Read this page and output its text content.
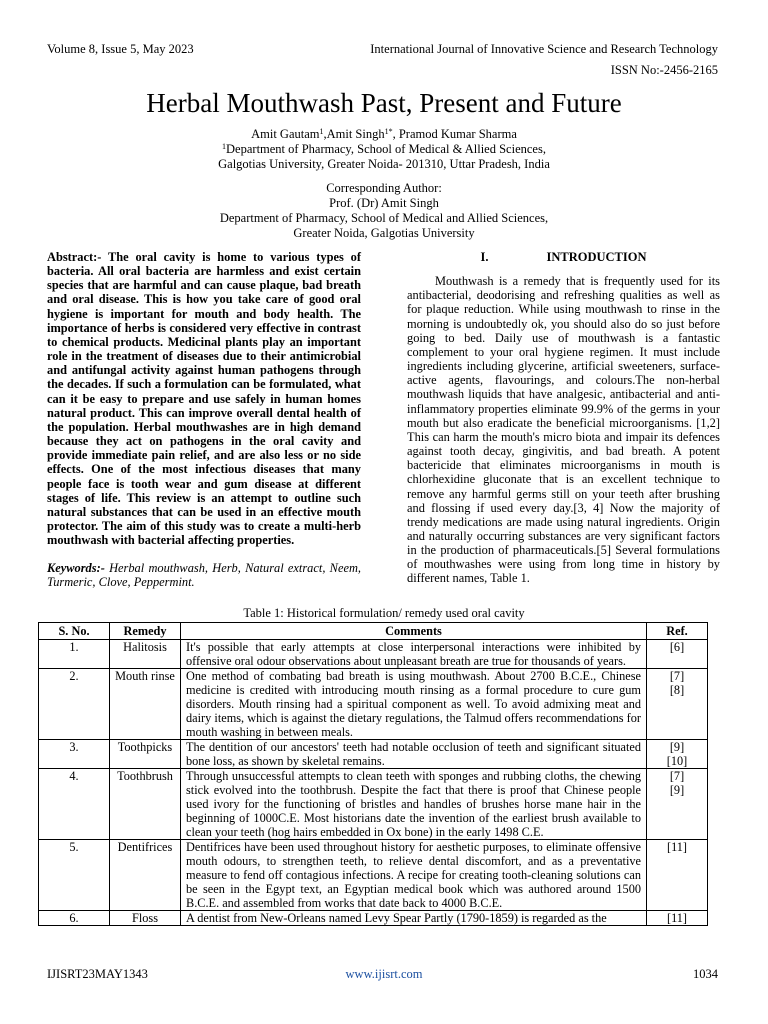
Volume 8, Issue 5, May 2023	International Journal of Innovative Science and Research Technology
ISSN No:-2456-2165
Herbal Mouthwash Past, Present and Future
Amit Gautam$^1$,Amit Singh$^{1*}$, Pramod Kumar Sharma
$^1$Department of Pharmacy, School of Medical & Allied Sciences,
Galgotias University, Greater Noida- 201310, Uttar Pradesh, India
Corresponding Author:
Prof. (Dr) Amit Singh
Department of Pharmacy, School of Medical and Allied Sciences,
Greater Noida, Galgotias University

Abstract:- The oral cavity is home to various types of bacteria. All oral bacteria are harmless and exist certain species that are harmful and can cause plaque, bad breath and oral disease. This is how you take care of good oral hygiene is important for mouth and body health. The importance of herbs is considered very effective in contrast to chemical products. Medicinal plants play an important role in the treatment of diseases due to their antimicrobial and antifungal activity against human pathogens through the decades. If such a formulation can be formulated, what can it be easy to prepare and use safely in human homes natural product. This can improve overall dental health of the population. Herbal mouthwashes are in high demand because they act on pathogens in the oral cavity and provide immediate pain relief, and are also less or no side effects. One of the most infectious diseases that many people face is tooth wear and gum disease at different stages of life. This review is an attempt to outline such natural substances that can be used in an effective mouth protector. The aim of this study was to create a multi-herb mouthwash with bacterial affecting properties.

Keywords:- Herbal mouthwash, Herb, Natural extract, Neem, Turmeric, Clove, Peppermint.

I.	INTRODUCTION

Mouthwash is a remedy that is frequently used for its antibacterial, deodorising and refreshing qualities as well as for plaque reduction. While using mouthwash to rinse in the morning is undoubtedly ok, you should also do so just before going to bed. Daily use of mouthwash is a fantastic complement to your oral hygiene regimen. It must include ingredients including glycerine, artificial sweeteners, surface-active agents, flavourings, and colours.The non-herbal mouthwash liquids that have analgesic, antibacterial and anti-inflammatory properties eliminate 99.9% of the germs in your mouth but also eradicate the beneficial microorganisms. [1,2] This can harm the mouth's micro biota and impair its defences against tooth decay, gingivitis, and bad breath. A potent bactericide that eliminates microorganisms in mouth is chlorhexidine gluconate that is an excellent technique to remove any harmful germs still on your teeth after brushing and flossing if used every day.[3, 4] Now the majority of trendy medications are made using natural ingredients. Origin and naturally occurring substances are very significant factors in the production of pharmaceuticals.[5] Several formulations of mouthwashes were using from long time in history by different names, Table 1.

Table 1: Historical formulation/ remedy used oral cavity
S. No.	Remedy	Comments	Ref.
1.	Halitosis	It's possible that early attempts at close interpersonal interactions were inhibited by offensive oral odour observations about unpleasant breath are true for thousands of years.	[6]

2.	Mouth rinse	One method of combating bad breath is using mouthwash. About 2700 B.C.E., Chinese medicine is credited with introducing mouth rinsing as a formal procedure to cure gum disorders. Mouth rinsing had a spiritual component as well. To avoid admixing meat and dairy items, which is against the dietary regulations, the Talmud offers recommendations for mouth washing in between meals.	[7]
[8]

3.	Toothpicks	The dentition of our ancestors' teeth had notable occlusion of teeth and significant situated bone loss, as shown by skeletal remains.	[9]
[10]

4.	Toothbrush	Through unsuccessful attempts to clean teeth with sponges and rubbing cloths, the chewing stick evolved into the toothbrush. Despite the fact that there is proof that Chinese people used ivory for the functioning of bristles and handles of brushes horse mane hair in the beginning of 1000C.E. Most historians date the invention of the earliest brush available to clean your teeth (hog hairs embedded in Ox bone) in the early 1498 C.E.	[7]
[9]

5.	Dentifrices	Dentifrices have been used throughout history for aesthetic purposes, to eliminate offensive mouth odours, to strengthen teeth, to relieve dental discomfort, and as a preventative measure to fend off contagious infections. A recipe for creating tooth-cleaning solutions can be seen in the Egypt text, an Egyptian medical book which was authored around 1500 B.C.E. and assembled from works that date back to 4000 B.C.E.	[11]

6.	Floss	A dentist from New-Orleans named Levy Spear Partly (1790-1859) is regarded as the	[11]
IJISRT23MAY1343	www.ijisrt.com	1034
